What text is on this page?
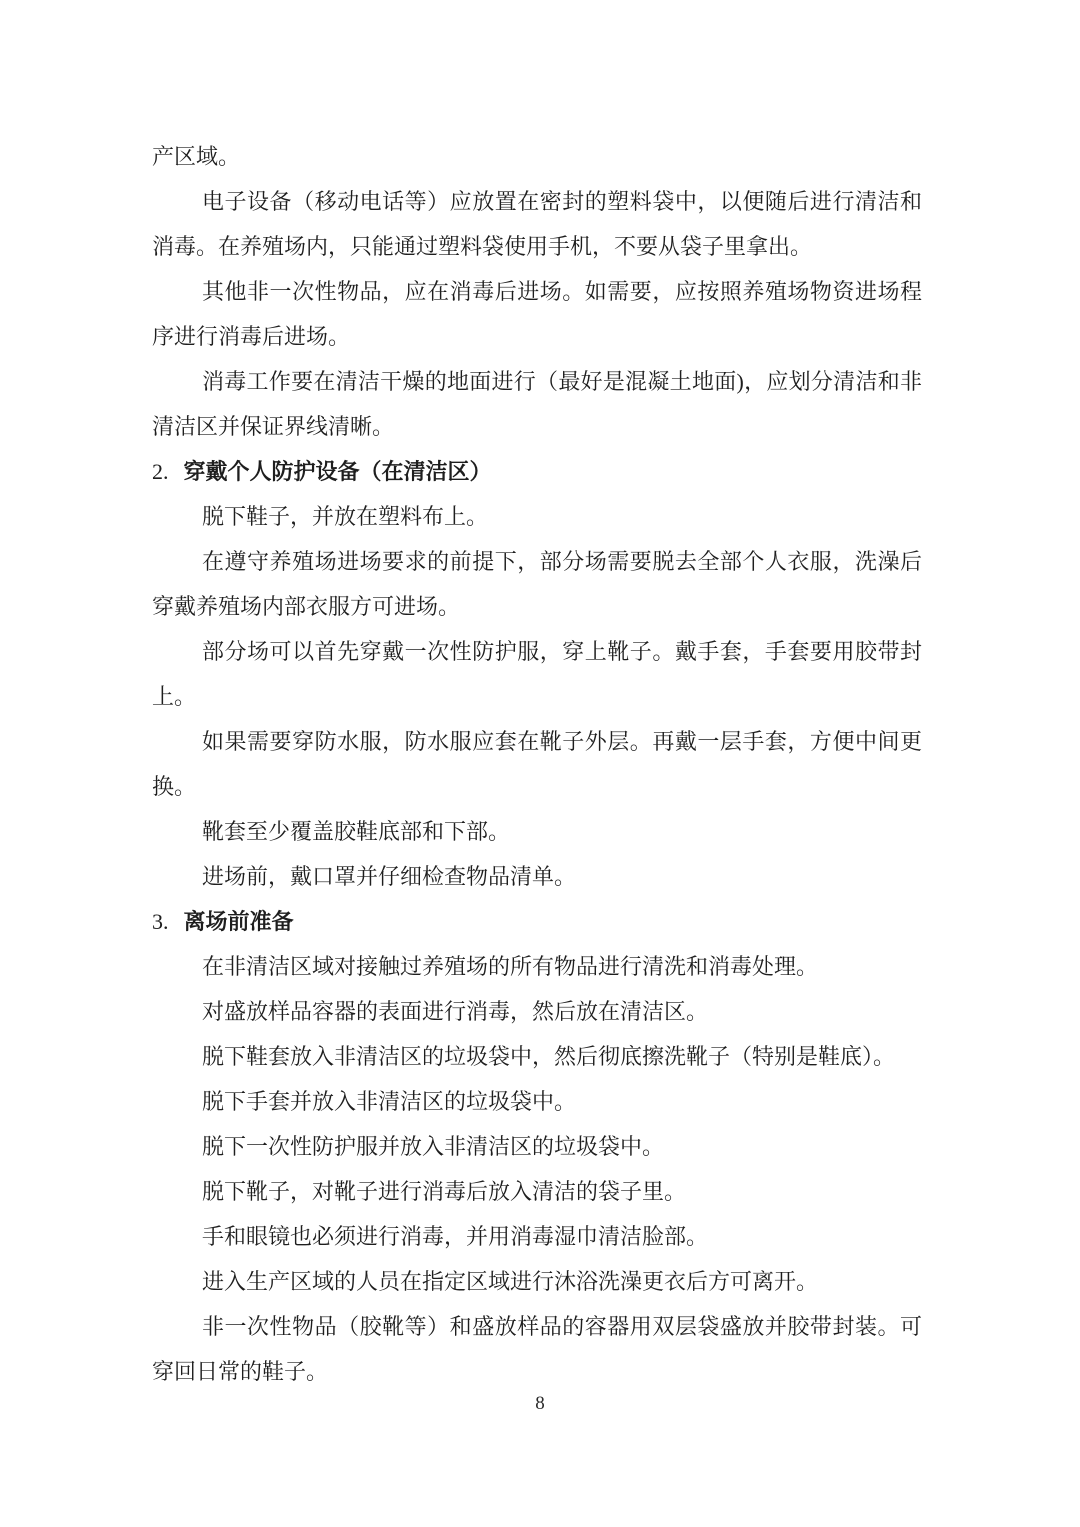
产区域。

电子设备（移动电话等）应放置在密封的塑料袋中，以便随后进行清洁和消毒。在养殖场内，只能通过塑料袋使用手机，不要从袋子里拿出。

其他非一次性物品，应在消毒后进场。如需要，应按照养殖场物资进场程序进行消毒后进场。

消毒工作要在清洁干燥的地面进行（最好是混凝土地面)，应划分清洁和非清洁区并保证界线清晰。

2. 穿戴个人防护设备（在清洁区）

脱下鞋子，并放在塑料布上。

在遵守养殖场进场要求的前提下，部分场需要脱去全部个人衣服，洗澡后穿戴养殖场内部衣服方可进场。

部分场可以首先穿戴一次性防护服，穿上靴子。戴手套，手套要用胶带封上。

如果需要穿防水服，防水服应套在靴子外层。再戴一层手套，方便中间更换。

靴套至少覆盖胶鞋底部和下部。

进场前，戴口罩并仔细检查物品清单。

3. 离场前准备

在非清洁区域对接触过养殖场的所有物品进行清洗和消毒处理。

对盛放样品容器的表面进行消毒，然后放在清洁区。

脱下鞋套放入非清洁区的垃圾袋中，然后彻底擦洗靴子（特别是鞋底）。

脱下手套并放入非清洁区的垃圾袋中。

脱下一次性防护服并放入非清洁区的垃圾袋中。

脱下靴子，对靴子进行消毒后放入清洁的袋子里。

手和眼镜也必须进行消毒，并用消毒湿巾清洁脸部。

进入生产区域的人员在指定区域进行沐浴洗澡更衣后方可离开。

非一次性物品（胶靴等）和盛放样品的容器用双层袋盛放并胶带封装。可穿回日常的鞋子。

8
